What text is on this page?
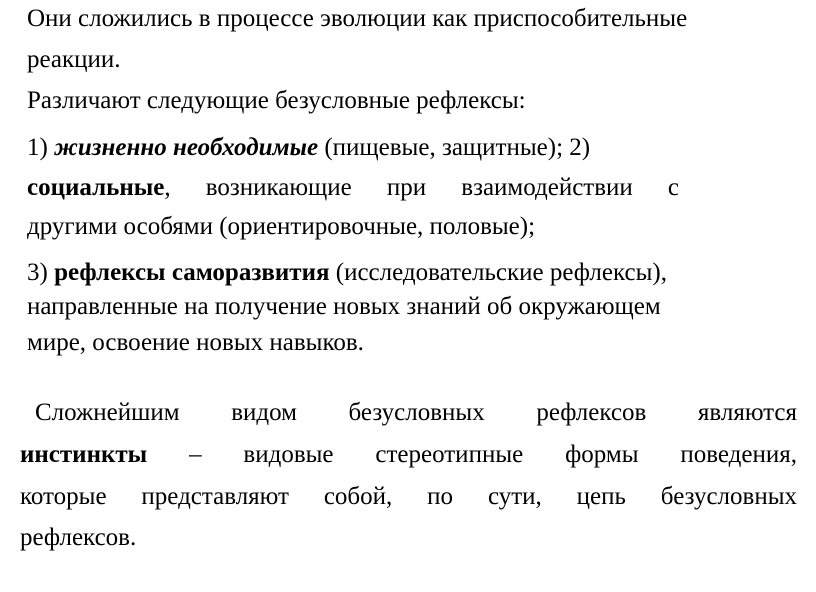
Они сложились в процессе эволюции как приспособительные

реакции.

Различают следующие безусловные рефлексы:

1) жизненно необходимые (пищевые, защитные); 2)

социальные, возникающие при взаимодействии с

другими особями (ориентировочные, половые);

3) рефлексы саморазвития (исследовательские рефлексы),

направленные на получение новых знаний об окружающем

мире, освоение новых навыков.

Сложнейшим видом безусловных рефлексов являются

инстинкты – видовые стереотипные формы поведения,

которые представляют собой, по сути, цепь безусловных

рефлексов.
